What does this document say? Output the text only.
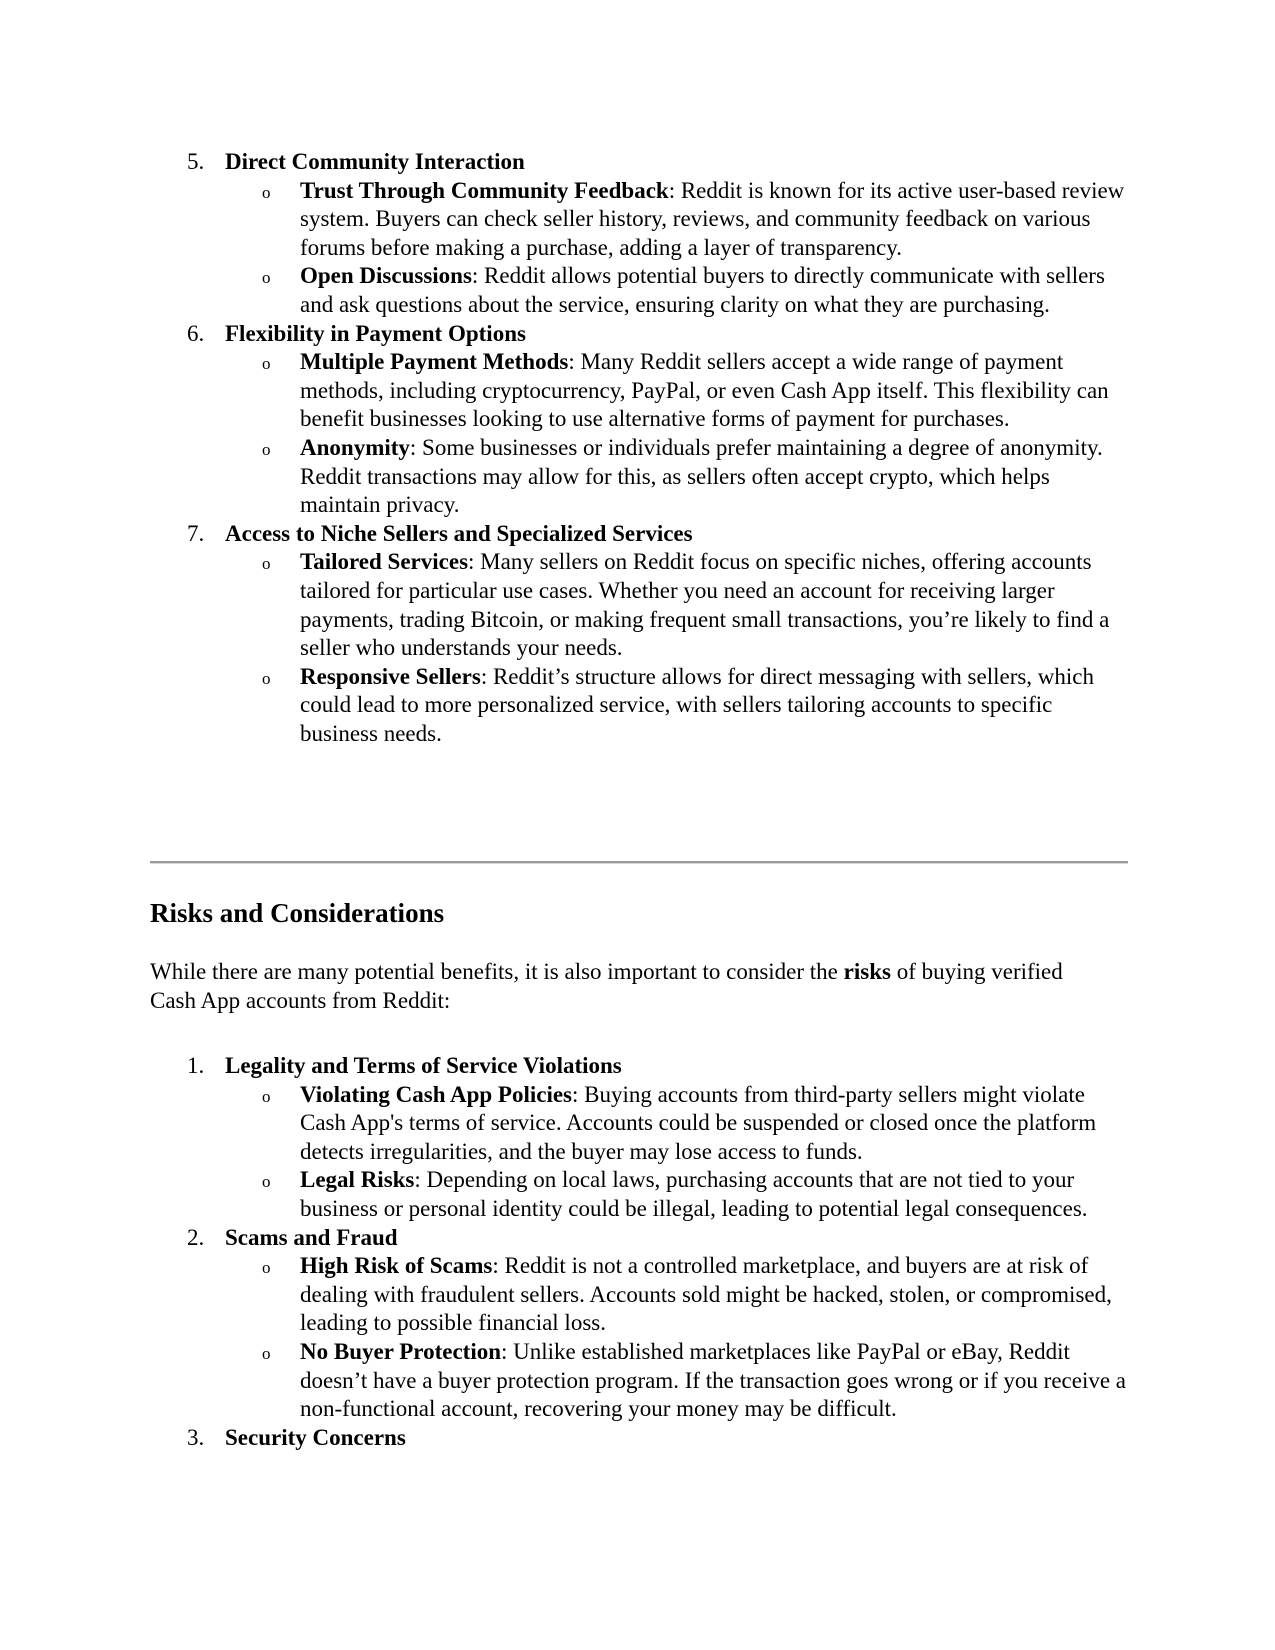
5. Direct Community Interaction
o Trust Through Community Feedback: Reddit is known for its active user-based review system. Buyers can check seller history, reviews, and community feedback on various forums before making a purchase, adding a layer of transparency.
o Open Discussions: Reddit allows potential buyers to directly communicate with sellers and ask questions about the service, ensuring clarity on what they are purchasing.
6. Flexibility in Payment Options
o Multiple Payment Methods: Many Reddit sellers accept a wide range of payment methods, including cryptocurrency, PayPal, or even Cash App itself. This flexibility can benefit businesses looking to use alternative forms of payment for purchases.
o Anonymity: Some businesses or individuals prefer maintaining a degree of anonymity. Reddit transactions may allow for this, as sellers often accept crypto, which helps maintain privacy.
7. Access to Niche Sellers and Specialized Services
o Tailored Services: Many sellers on Reddit focus on specific niches, offering accounts tailored for particular use cases. Whether you need an account for receiving larger payments, trading Bitcoin, or making frequent small transactions, you’re likely to find a seller who understands your needs.
o Responsive Sellers: Reddit’s structure allows for direct messaging with sellers, which could lead to more personalized service, with sellers tailoring accounts to specific business needs.
Risks and Considerations

While there are many potential benefits, it is also important to consider the risks of buying verified Cash App accounts from Reddit:

1. Legality and Terms of Service Violations
o Violating Cash App Policies: Buying accounts from third-party sellers might violate Cash App's terms of service. Accounts could be suspended or closed once the platform detects irregularities, and the buyer may lose access to funds.
o Legal Risks: Depending on local laws, purchasing accounts that are not tied to your business or personal identity could be illegal, leading to potential legal consequences.
2. Scams and Fraud
o High Risk of Scams: Reddit is not a controlled marketplace, and buyers are at risk of dealing with fraudulent sellers. Accounts sold might be hacked, stolen, or compromised, leading to possible financial loss.
o No Buyer Protection: Unlike established marketplaces like PayPal or eBay, Reddit doesn’t have a buyer protection program. If the transaction goes wrong or if you receive a non-functional account, recovering your money may be difficult.
3. Security Concerns
